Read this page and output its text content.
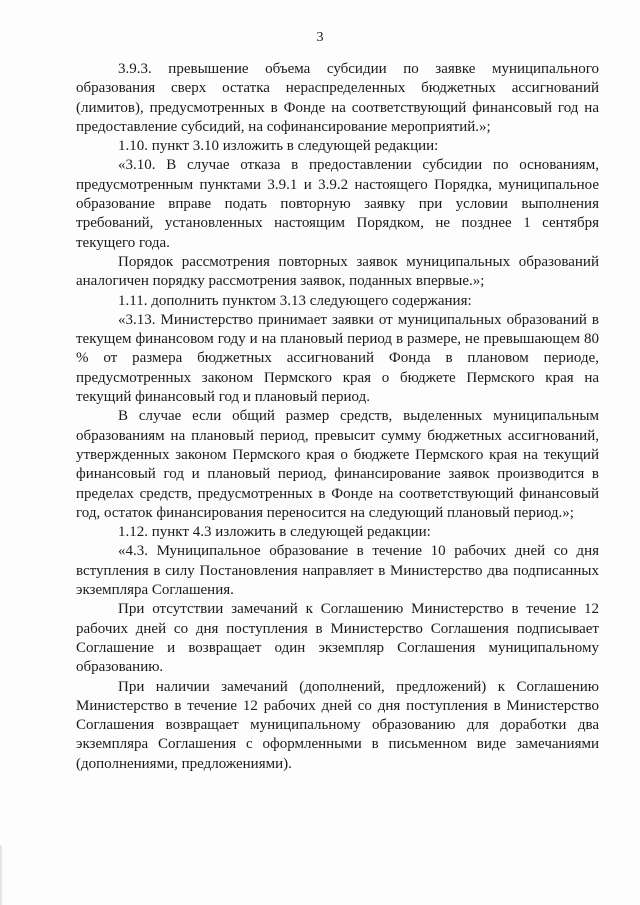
3

3.9.3. превышение объема субсидии по заявке муниципального образования сверх остатка нераспределенных бюджетных ассигнований (лимитов), предусмотренных в Фонде на соответствующий финансовый год на предоставление субсидий, на софинансирование мероприятий.»;

1.10. пункт 3.10 изложить в следующей редакции:

«3.10. В случае отказа в предоставлении субсидии по основаниям, предусмотренным пунктами 3.9.1 и 3.9.2 настоящего Порядка, муниципальное образование вправе подать повторную заявку при условии выполнения требований, установленных настоящим Порядком, не позднее 1 сентября текущего года.

Порядок рассмотрения повторных заявок муниципальных образований аналогичен порядку рассмотрения заявок, поданных впервые.»;

1.11. дополнить пунктом 3.13 следующего содержания:

«3.13. Министерство принимает заявки от муниципальных образований в текущем финансовом году и на плановый период в размере, не превышающем 80 % от размера бюджетных ассигнований Фонда в плановом периоде, предусмотренных законом Пермского края о бюджете Пермского края на текущий финансовый год и плановый период.

В случае если общий размер средств, выделенных муниципальным образованиям на плановый период, превысит сумму бюджетных ассигнований, утвержденных законом Пермского края о бюджете Пермского края на текущий финансовый год и плановый период, финансирование заявок производится в пределах средств, предусмотренных в Фонде на соответствующий финансовый год, остаток финансирования переносится на следующий плановый период.»;

1.12. пункт 4.3 изложить в следующей редакции:

«4.3. Муниципальное образование в течение 10 рабочих дней со дня вступления в силу Постановления направляет в Министерство два подписанных экземпляра Соглашения.

При отсутствии замечаний к Соглашению Министерство в течение 12 рабочих дней со дня поступления в Министерство Соглашения подписывает Соглашение и возвращает один экземпляр Соглашения муниципальному образованию.

При наличии замечаний (дополнений, предложений) к Соглашению Министерство в течение 12 рабочих дней со дня поступления в Министерство Соглашения возвращает муниципальному образованию для доработки два экземпляра Соглашения с оформленными в письменном виде замечаниями (дополнениями, предложениями).
